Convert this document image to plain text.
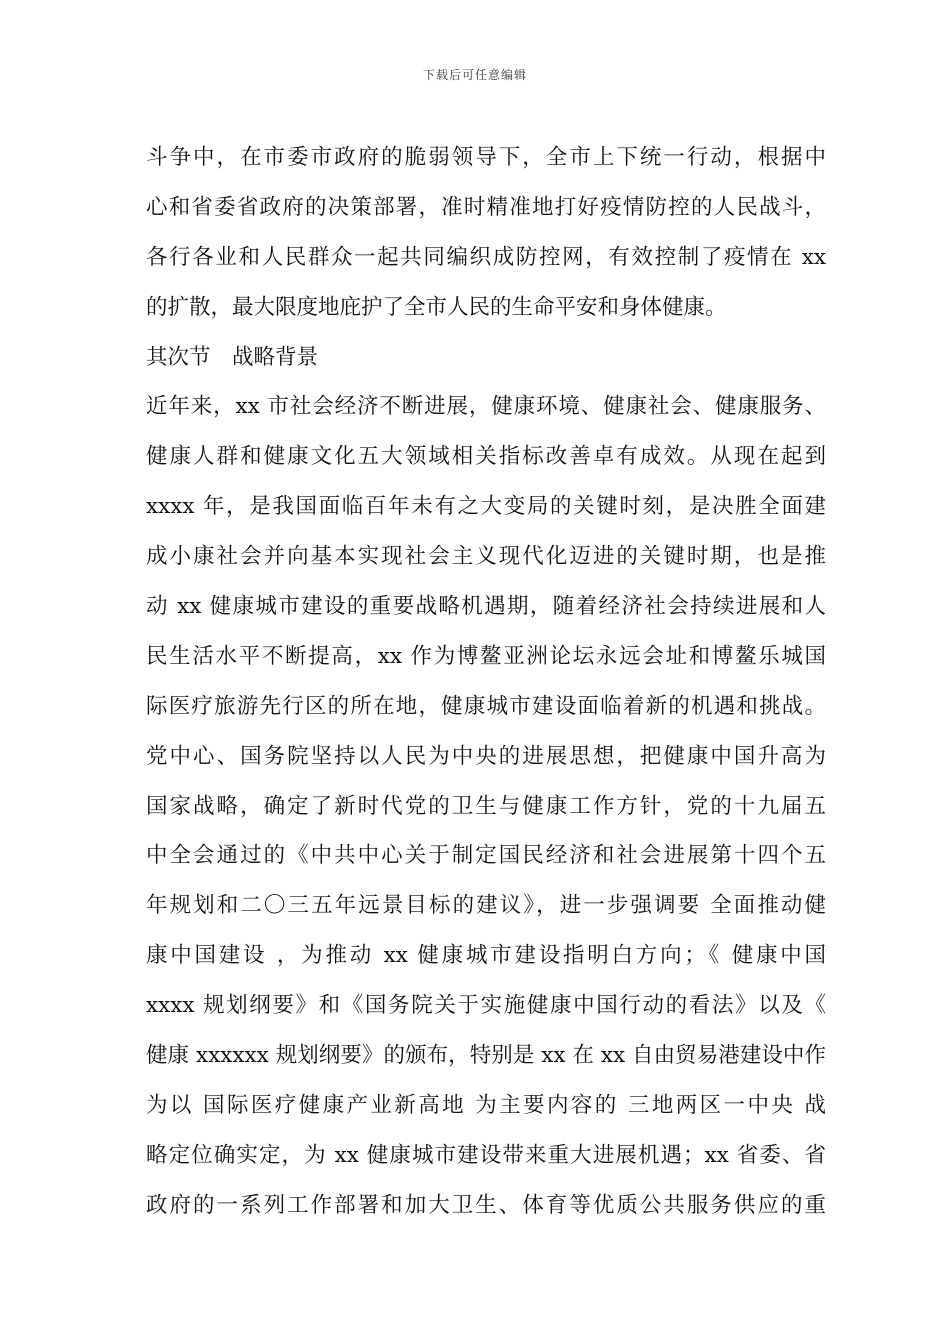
下载后可任意编辑
斗争中，在市委市政府的脆弱领导下，全市上下统一行动，根据中
心和省委省政府的决策部署，准时精准地打好疫情防控的人民战斗，
各行各业和人民群众一起共同编织成防控网，有效控制了疫情在 xx
的扩散，最大限度地庇护了全市人民的生命平安和身体健康。
其次节　战略背景
近年来，xx 市社会经济不断进展，健康环境、健康社会、健康服务、
健康人群和健康文化五大领域相关指标改善卓有成效。从现在起到
xxxx 年，是我国面临百年未有之大变局的关键时刻，是决胜全面建
成小康社会并向基本实现社会主义现代化迈进的关键时期，也是推
动 xx 健康城市建设的重要战略机遇期，随着经济社会持续进展和人
民生活水平不断提高，xx 作为博鳌亚洲论坛永远会址和博鳌乐城国
际医疗旅游先行区的所在地，健康城市建设面临着新的机遇和挑战。
党中心、国务院坚持以人民为中央的进展思想，把健康中国升高为
国家战略，确定了新时代党的卫生与健康工作方针，党的十九届五
中全会通过的《中共中心关于制定国民经济和社会进展第十四个五
年规划和二〇三五年远景目标的建议》，进一步强调要 全面推动健
康中国建设 ，为推动 xx 健康城市建设指明白方向；《 健康中国
xxxx 规划纲要》和《国务院关于实施健康中国行动的看法》以及《
健康 xxxxxx 规划纲要》的颁布，特别是 xx 在 xx 自由贸易港建设中作
为以 国际医疗健康产业新高地 为主要内容的 三地两区一中央 战
略定位确实定，为 xx 健康城市建设带来重大进展机遇；xx 省委、省
政府的一系列工作部署和加大卫生、体育等优质公共服务供应的重
